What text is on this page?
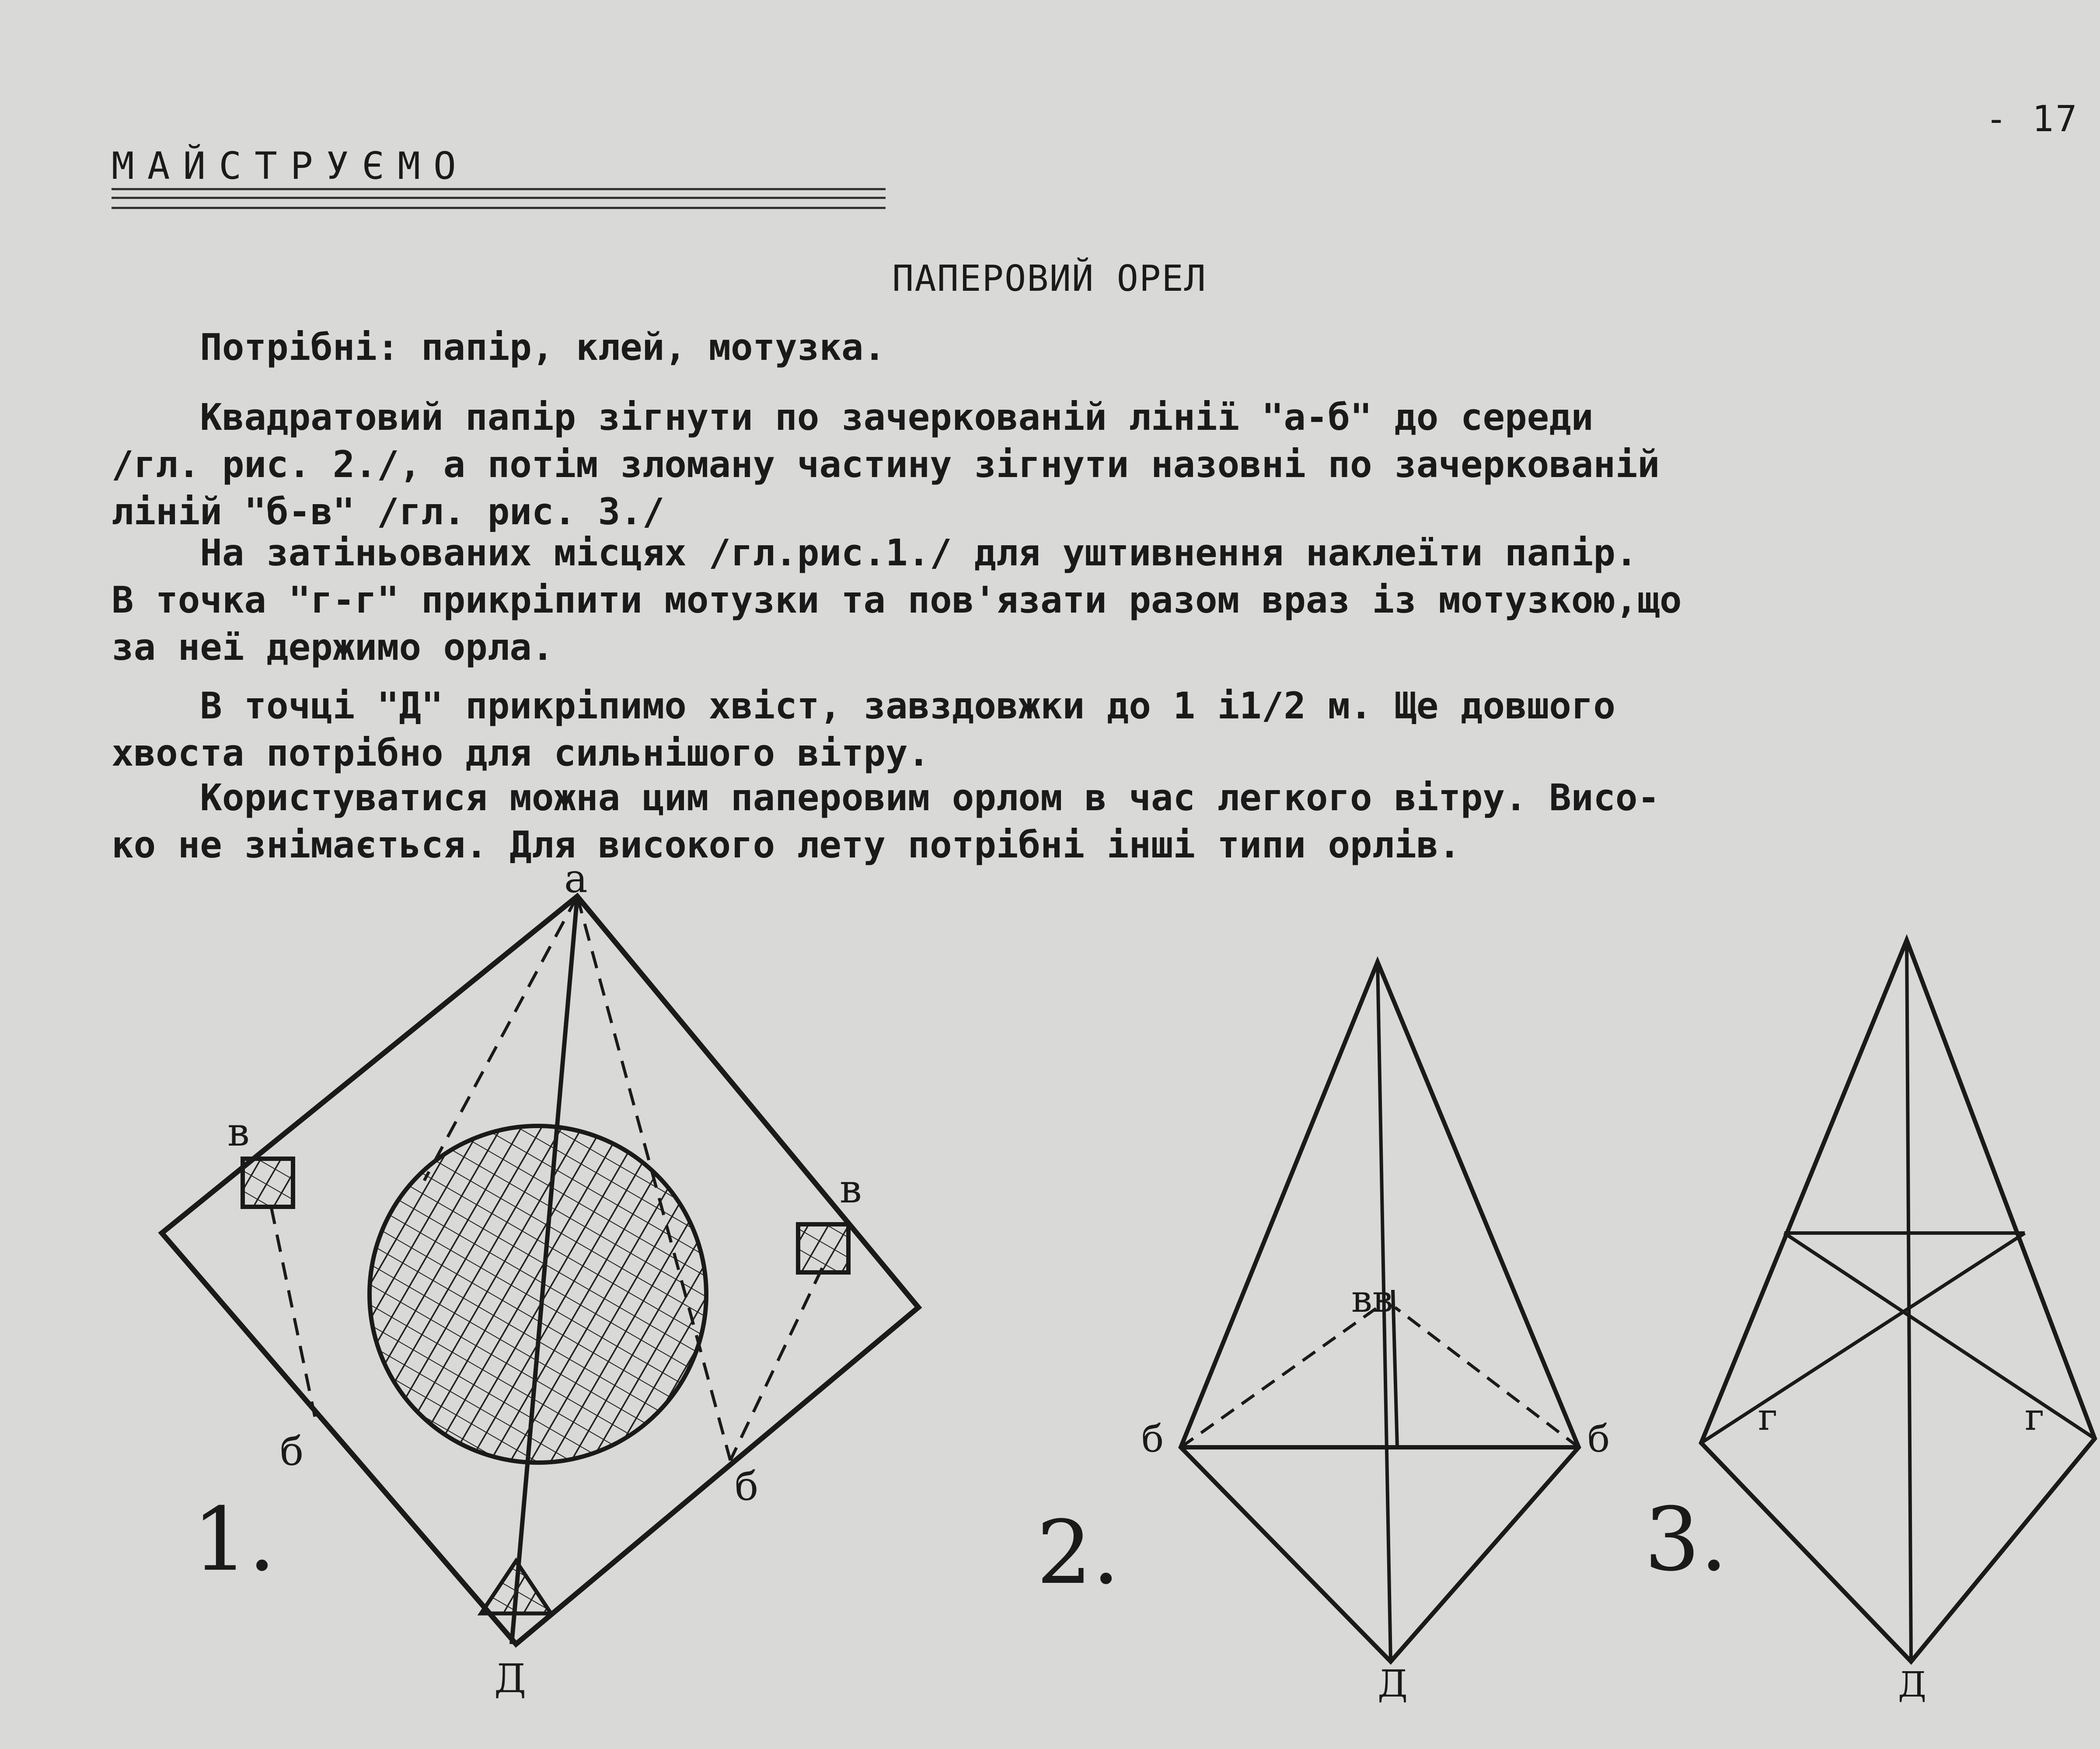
- 17
МАЙСТРУЄМО
ПАПЕРОВИЙ ОРЕЛ
Потрібні: папір, клей, мотузка.
Квадратовий папір зігнути по зачеркованій лінії "а-б" до середи
/гл. рис. 2./, а потім зломану частину зігнути назовні по зачеркованій
ліній "б-в" /гл. рис. 3./
На затіньованих місцях /гл.рис.1./ для уштивнення наклеїти папір.
В точка "г-г" прикріпити мотузки та пов'язати разом враз із мотузкою,що
за неї держимо орла.
В точці "Д" прикріпимо хвіст, завздовжки до 1 і1/2 м. Ще довшого
хвоста потрібно для сильнішого вітру.
Користуватися можна цим паперовим орлом в час легкого вітру. Висо-
ко не знімається. Для високого лету потрібні інші типи орлів.
a
в
в
б
б
Д
1.
вв
б	б
Д
2.
г	г
Д
3.
